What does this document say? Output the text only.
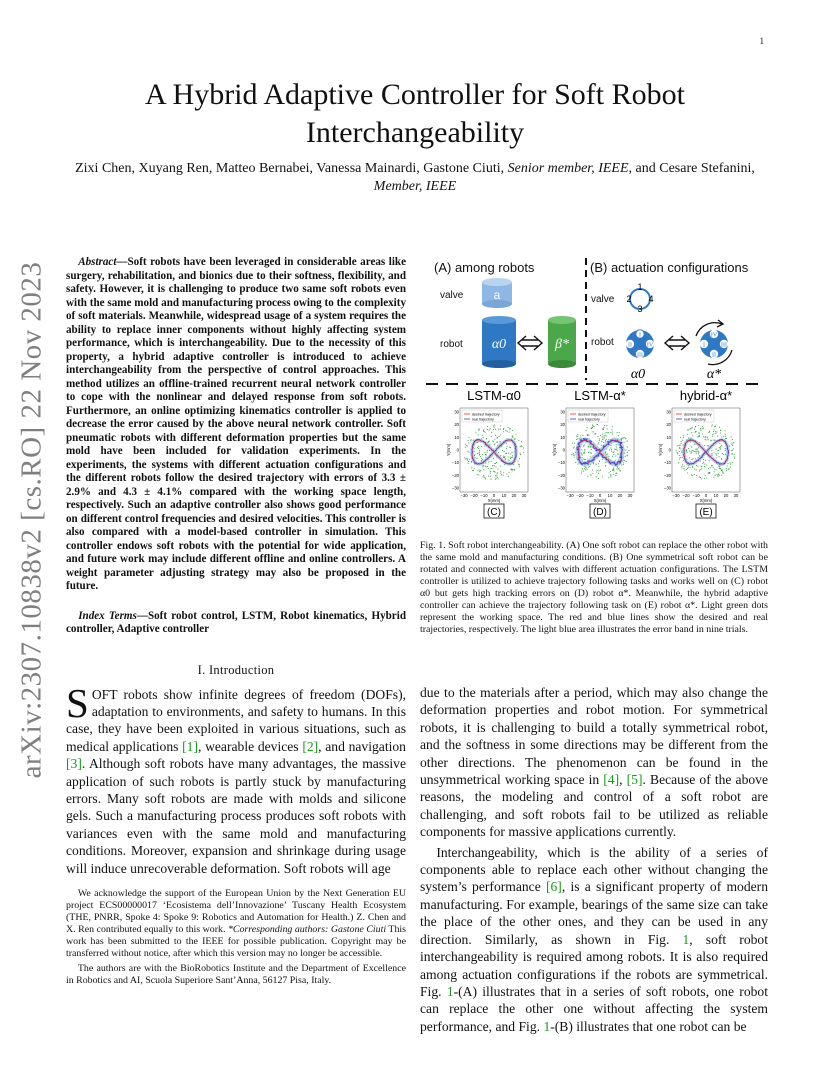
1
arXiv:2307.10838v2 [cs.RO] 22 Nov 2023
A Hybrid Adaptive Controller for Soft Robot
Interchangeability
Zixi Chen, Xuyang Ren, Matteo Bernabei, Vanessa Mainardi, Gastone Ciuti, Senior member, IEEE, and Cesare Stefanini, Member, IEEE

Abstract—Soft robots have been leveraged in considerable areas like surgery, rehabilitation, and bionics due to their softness, flexibility, and safety. However, it is challenging to produce two same soft robots even with the same mold and manufacturing process owing to the complexity of soft materials. Meanwhile, widespread usage of a system requires the ability to replace inner components without highly affecting system performance, which is interchangeability. Due to the necessity of this property, a hybrid adaptive controller is introduced to achieve interchangeability from the perspective of control approaches. This method utilizes an offline-trained recurrent neural network controller to cope with the nonlinear and delayed response from soft robots. Furthermore, an online optimizing kinematics controller is applied to decrease the error caused by the above neural network controller. Soft pneumatic robots with different deformation properties but the same mold have been included for validation experiments. In the experiments, the systems with different actuation configurations and the different robots follow the desired trajectory with errors of 3.3 ± 2.9% and 4.3 ± 4.1% compared with the working space length, respectively. Such an adaptive controller also shows good performance on different control frequencies and desired velocities. This controller is also compared with a model-based controller in simulation. This controller endows soft robots with the potential for wide application, and future work may include different offline and online controllers. A weight parameter adjusting strategy may also be proposed in the future.

Index Terms—Soft robot control, LSTM, Robot kinematics, Hybrid controller, Adaptive controller

I. Introduction

SOFT robots show infinite degrees of freedom (DOFs), adaptation to environments, and safety to humans. In this case, they have been exploited in various situations, such as medical applications [1], wearable devices [2], and navigation [3]. Although soft robots have many advantages, the massive application of such robots is partly stuck by manufacturing errors. Many soft robots are made with molds and silicone gels. Such a manufacturing process produces soft robots with variances even with the same mold and manufacturing conditions. Moreover, expansion and shrinkage during usage will induce unrecoverable deformation. Soft robots will age

We acknowledge the support of the European Union by the Next Generation EU project ECS00000017 ‘Ecosistema dell’Innovazione’ Tuscany Health Ecosystem (THE, PNRR, Spoke 4: Spoke 9: Robotics and Automation for Health.) Z. Chen and X. Ren contributed equally to this work. *Corresponding authors: Gastone Ciuti This work has been submitted to the IEEE for possible publication. Copyright may be transferred without notice, after which this version may no longer be accessible.

The authors are with the BioRobotics Institute and the Department of Excellence in Robotics and AI, Scuola Superiore Sant’Anna, 56127 Pisa, Italy.

(A) among robots	(B) actuation configurations
valve
robot
valve
robot
a
α0	β*
1
2 4
3
I
II IV
III
IV
I	III
II
α0	α*
LSTM-α0
desired trajectory
real trajectory
30
20
10
0
−10
−20
−30
−30 −20 −10 0 10 20 30
X(mm)
Y(mm)
(C)
LSTM-α*
desired trajectory
real trajectory
30
20
10
0
−10
−20
−30
−30 −20 −10 0 10 20 30
X(mm)
Y(mm)
(D)
hybrid-α*
desired trajectory
real trajectory
30
20
10
0
−10
−20
−30
−30 −20 −10 0 10 20 30
X(mm)
Y(mm)
(E)
Fig. 1. Soft robot interchangeability. (A) One soft robot can replace the other robot with the same mold and manufacturing conditions. (B) One symmetrical soft robot can be rotated and connected with valves with different actuation configurations. The LSTM controller is utilized to achieve trajectory following tasks and works well on (C) robot α0 but gets high tracking errors on (D) robot α*. Meanwhile, the hybrid adaptive controller can achieve the trajectory following task on (E) robot α*. Light green dots represent the working space. The red and blue lines show the desired and real trajectories, respectively. The light blue area illustrates the error band in nine trials.

due to the materials after a period, which may also change the deformation properties and robot motion. For symmetrical robots, it is challenging to build a totally symmetrical robot, and the softness in some directions may be different from the other directions. The phenomenon can be found in the unsymmetrical working space in [4], [5]. Because of the above reasons, the modeling and control of a soft robot are challenging, and soft robots fail to be utilized as reliable components for massive applications currently.

Interchangeability, which is the ability of a series of components able to replace each other without changing the system’s performance [6], is a significant property of modern manufacturing. For example, bearings of the same size can take the place of the other ones, and they can be used in any direction. Similarly, as shown in Fig. 1, soft robot interchangeability is required among robots. It is also required among actuation configurations if the robots are symmetrical. Fig. 1-(A) illustrates that in a series of soft robots, one robot can replace the other one without affecting the system performance, and Fig. 1-(B) illustrates that one robot can be
